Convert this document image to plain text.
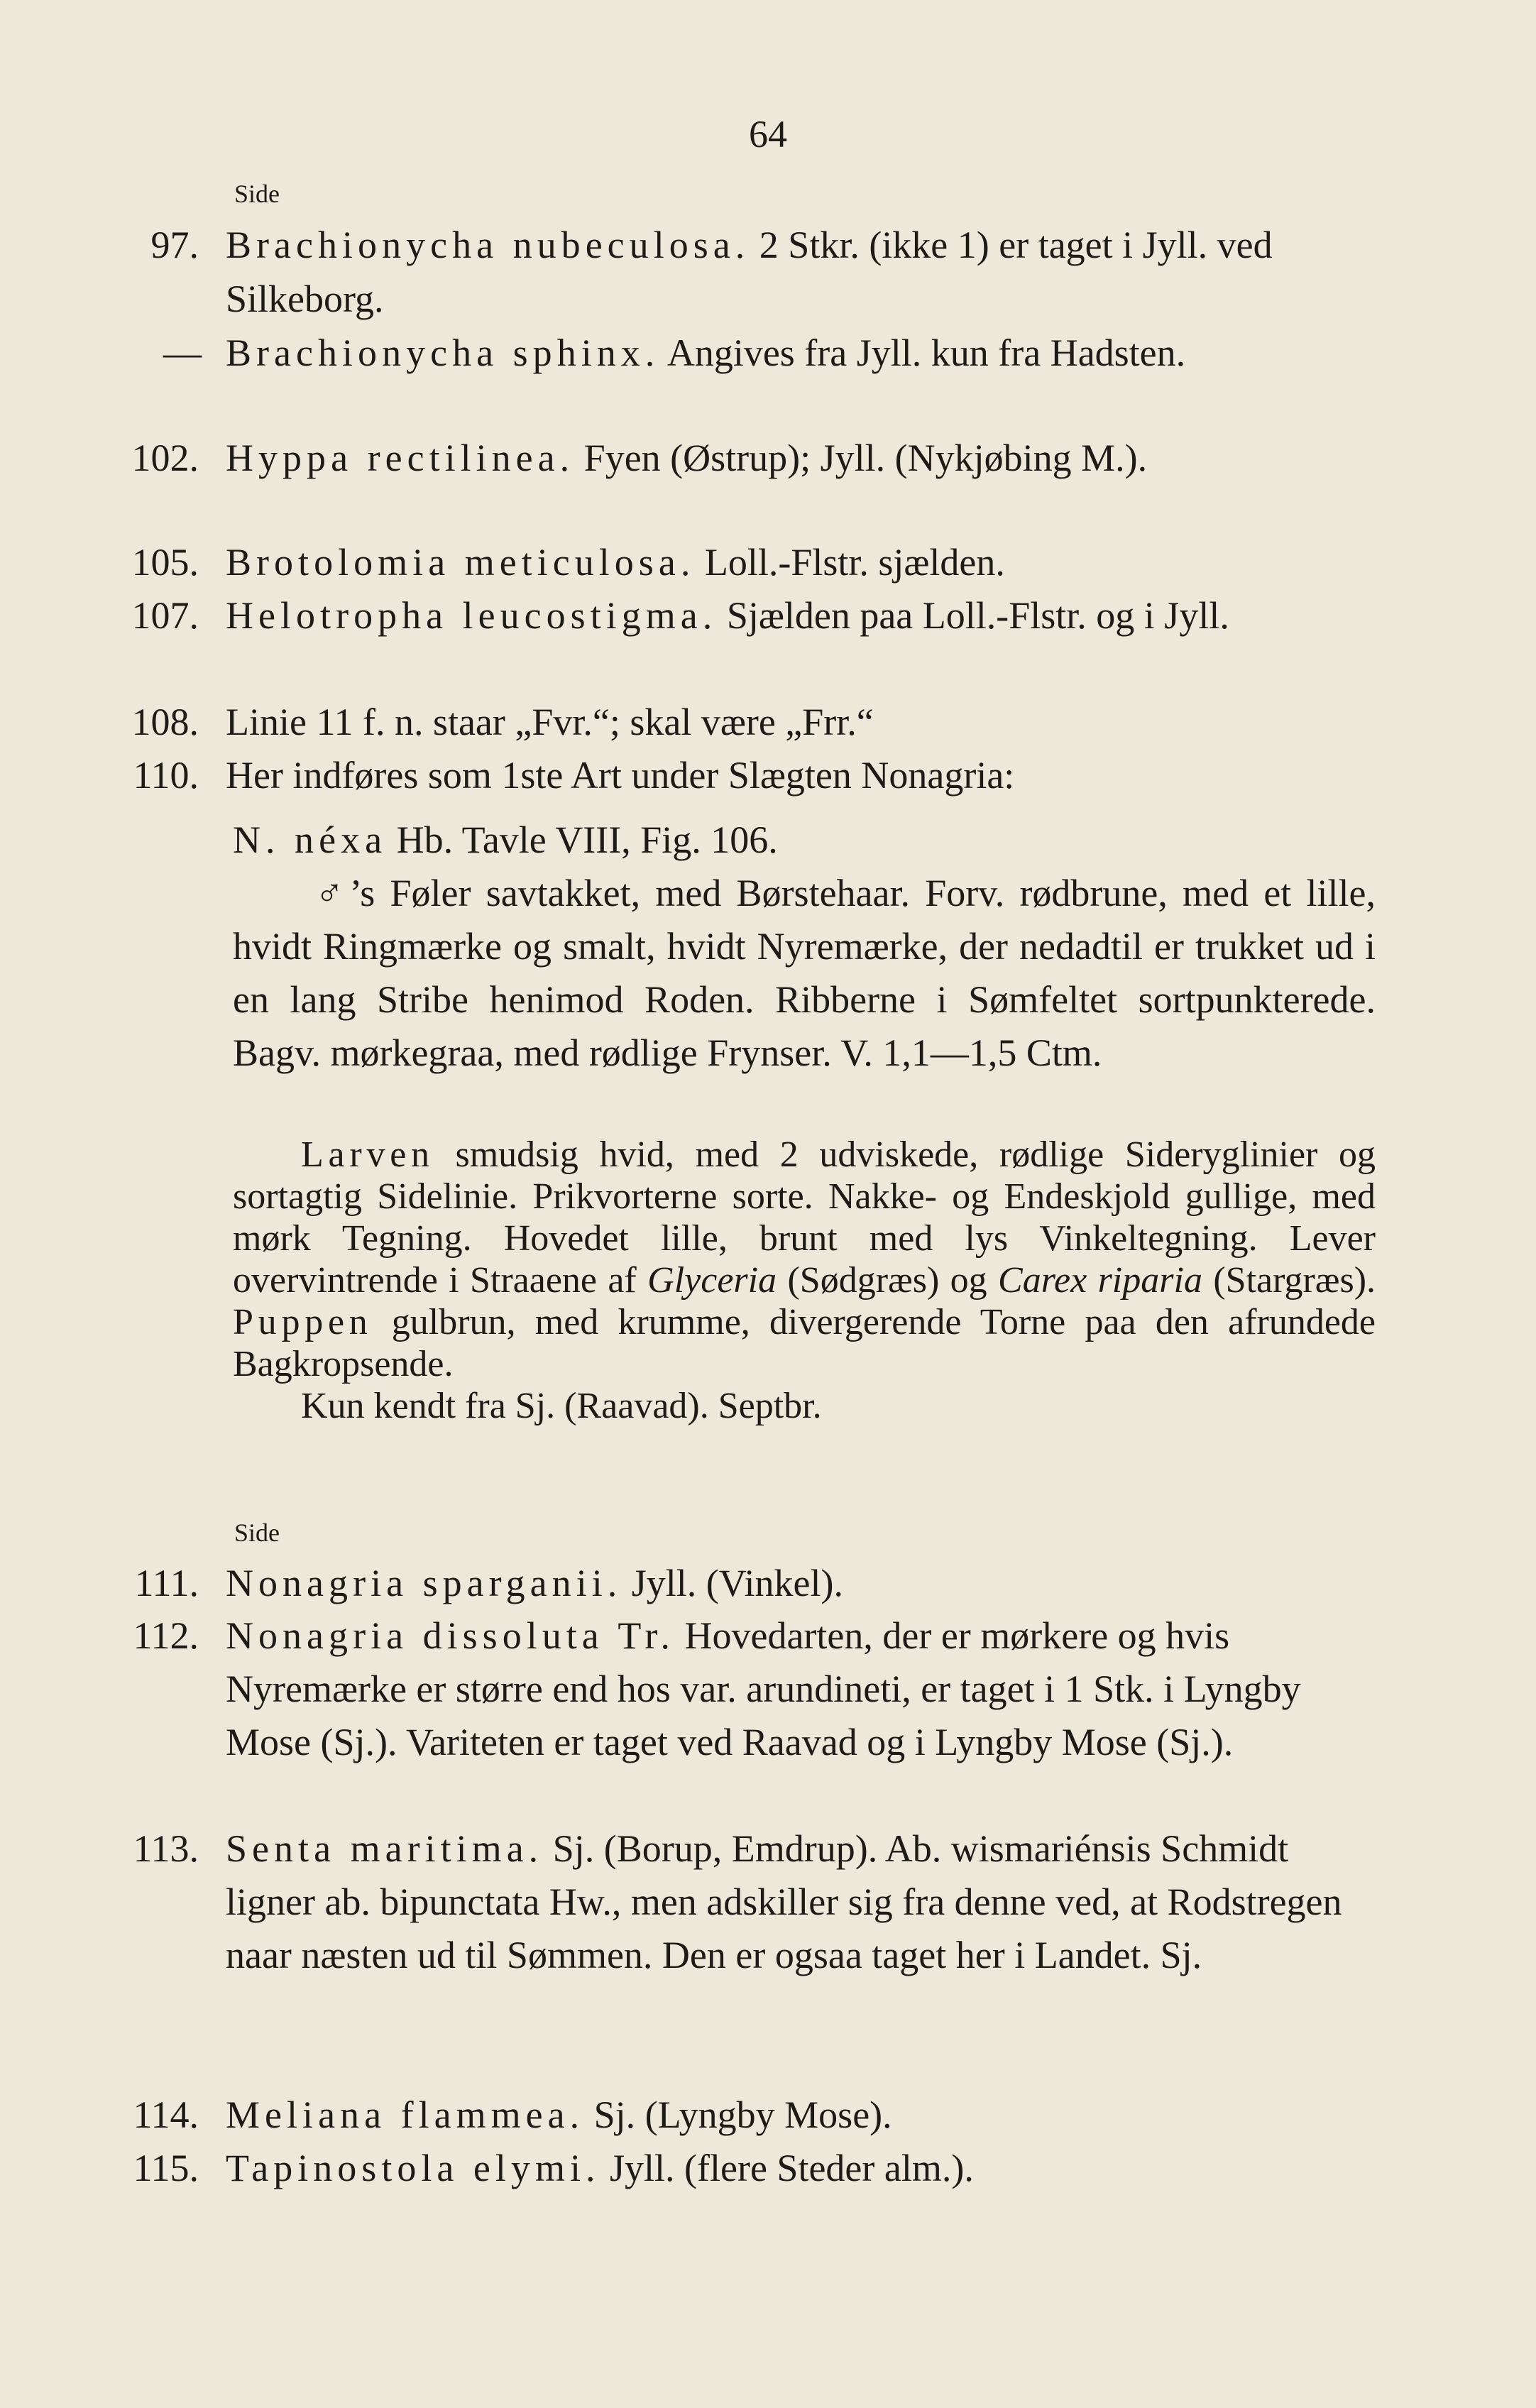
64
Side
97. Brachionycha nubeculosa. 2 Stkr. (ikke 1) er taget i Jyll. ved Silkeborg.
— Brachionycha sphinx. Angives fra Jyll. kun fra Hadsten.
102. Hyppa rectilinea. Fyen (Østrup); Jyll. (Nykjøbing M.).
105. Brotolomia meticulosa. Loll.-Flstr. sjælden.
107. Helotropha leucostigma. Sjælden paa Loll.-Flstr. og i Jyll.
108. Linie 11 f. n. staar „Fvr.“; skal være „Frr.“
110. Her indføres som 1ste Art under Slægten Nonagria:

N. néxa Hb. Tavle VIII, Fig. 106.

♂’s Føler savtakket, med Børstehaar. Forv. rødbrune, med et lille, hvidt Ringmærke og smalt, hvidt Nyremærke, der nedadtil er trukket ud i en lang Stribe henimod Roden. Ribberne i Sømfeltet sortpunkterede. Bagv. mørkegraa, med rødlige Frynser. V. 1,1—1,5 Ctm.

Larven smudsig hvid, med 2 udviskede, rødlige Sideryglinier og sortagtig Sidelinie. Prikvorterne sorte. Nakke- og Endeskjold gullige, med mørk Tegning. Hovedet lille, brunt med lys Vinkeltegning. Lever overvintrende i Straaene af Glyceria (Sødgræs) og Carex riparia (Stargræs). Puppen gulbrun, med krumme, divergerende Torne paa den afrundede Bagkropsende.

Kun kendt fra Sj. (Raavad). Septbr.

Side
111. Nonagria sparganii. Jyll. (Vinkel).
112. Nonagria dissoluta Tr. Hovedarten, der er mørkere og hvis Nyremærke er større end hos var. arundineti, er taget i 1 Stk. i Lyngby Mose (Sj.). Variteten er taget ved Raavad og i Lyngby Mose (Sj.).
113. Senta maritima. Sj. (Borup, Emdrup). Ab. wismariénsis Schmidt ligner ab. bipunctata Hw., men adskiller sig fra denne ved, at Rodstregen naar næsten ud til Sømmen. Den er ogsaa taget her i Landet. Sj.
114. Meliana flammea. Sj. (Lyngby Mose).
115. Tapinostola elymi. Jyll. (flere Steder alm.).
